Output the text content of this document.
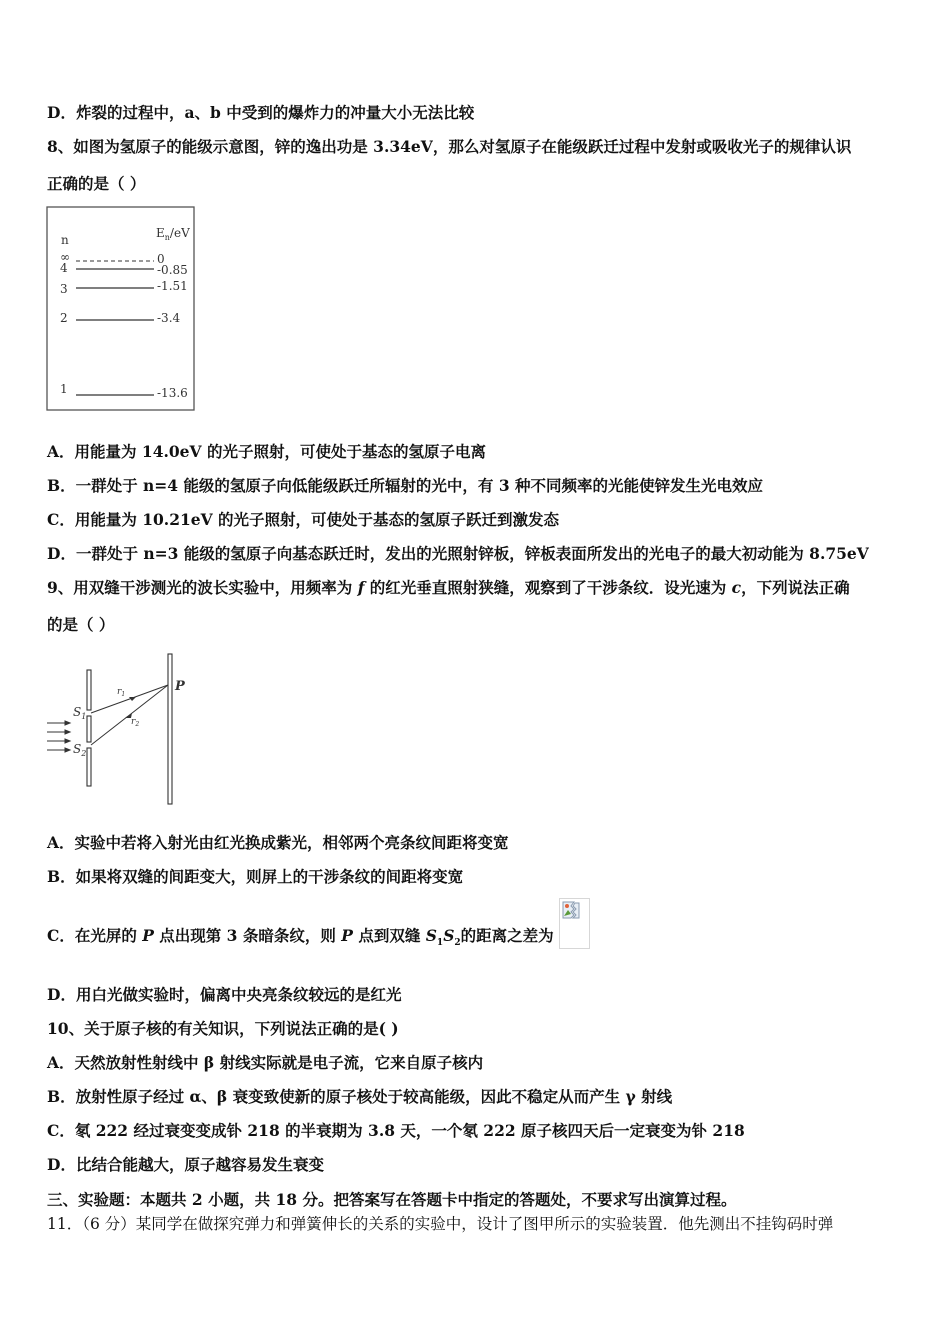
D．炸裂的过程中，a、b 中受到的爆炸力的冲量大小无法比较
8、如图为氢原子的能级示意图，锌的逸出功是 3.34eV，那么对氢原子在能级跃迁过程中发射或吸收光子的规律认识
正确的是（ ）
n	$E_n/eV$
∞	0
4	-0.85
3	-1.51
2	-3.4
1	-13.6
A．用能量为 14.0eV 的光子照射，可使处于基态的氢原子电离
B．一群处于 n=4 能级的氢原子向低能级跃迁所辐射的光中，有 3 种不同频率的光能使锌发生光电效应
C．用能量为 10.21eV 的光子照射，可使处于基态的氢原子跃迁到激发态
D．一群处于 n=3 能级的氢原子向基态跃迁时，发出的光照射锌板，锌板表面所发出的光电子的最大初动能为 8.75eV
9、用双缝干涉测光的波长实验中，用频率为 f 的红光垂直照射狭缝，观察到了干涉条纹．设光速为 c，下列说法正确
的是（ ）
$S_1$
$S_2$
P
$r_1$
$r_2$
A．实验中若将入射光由红光换成紫光，相邻两个亮条纹间距将变宽
B．如果将双缝的间距变大，则屏上的干涉条纹的间距将变宽
C．在光屏的 P 点出现第 3 条暗条纹，则 P 点到双缝 $S_1S_2$的距离之差为
D．用白光做实验时，偏离中央亮条纹较远的是红光
10、关于原子核的有关知识，下列说法正确的是( )
A．天然放射性射线中 β 射线实际就是电子流，它来自原子核内
B．放射性原子经过 α、β 衰变致使新的原子核处于较高能级，因此不稳定从而产生 γ 射线
C．氡 222 经过衰变变成钋 218 的半衰期为 3.8 天，一个氡 222 原子核四天后一定衰变为钋 218
D．比结合能越大，原子越容易发生衰变
三、实验题：本题共 2 小题，共 18 分。把答案写在答题卡中指定的答题处，不要求写出演算过程。
11．（6 分）某同学在做探究弹力和弹簧伸长的关系的实验中，设计了图甲所示的实验装置．他先测出不挂钩码时弹
